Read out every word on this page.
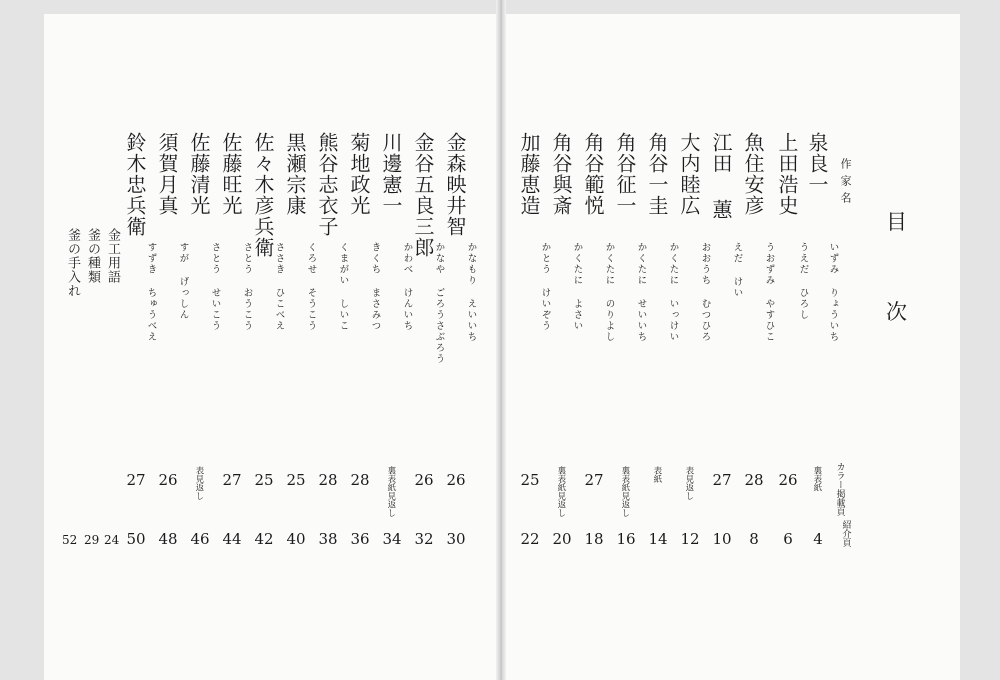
目
次
作家名
カラー掲載頁
紹介頁
泉良一
いずみ りょういち
裏表紙
4
上田浩史
うえだ ひろし
26
6
魚住安彦
うおずみ やすひこ
28
8
江田 蕙
えだ けい
27
10
大内睦広
おおうち むつひろ
表見返し
12
角谷一圭
かくたに いっけい
表紙
14
角谷征一
かくたに せいいち
裏表紙見返し
16
角谷範悦
かくたに のりよし
27
18
角谷與斎
かくたに よさい
裏表紙見返し
20
加藤恵造
かとう けいぞう
25
22
金森映井智
かなもり えいいち
26
30
金谷五良三郎
かなや ごろうさぶろう
26
32
川邊憲一
かわべ けんいち
裏表紙見返し
34
菊地政光
きくち まさみつ
28
36
熊谷志衣子
くまがい しいこ
28
38
黒瀬宗康
くろせ そうこう
25
40
佐々木彦兵衛
ささき ひこべえ
25
42
佐藤旺光
さとう おうこう
27
44
佐藤清光
さとう せいこう
表見返し
46
須賀月真
すが げっしん
26
48
鈴木忠兵衛
すずき ちゅうべえ
27
50
金工用語
釜の種類
釜の手入れ
24
29
52
